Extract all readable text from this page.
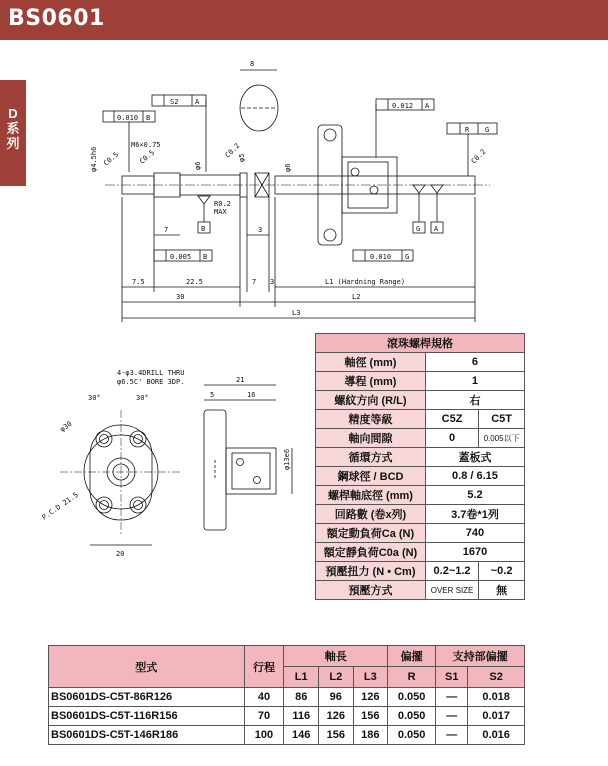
BS0601
D
系
列
8
S2 A
0.010 B
0.012 A
R G
0.005 B	0.010 G
B	A
G
M6×0.75
φ4.5h6	φ6
φ5
φ6
C0.5	C0.5	C0.2	C0.2
R0.2
MAX
7	3
7.5	22.5	7 3	L1 (Hardning Range)
30	L2
L3
4-φ3.4DRILL THRU
φ6.5C' BORE 3DP.
30°	30°
φ30
P.C.D 21.5
20
21
5	16
φ13e6
滾珠螺桿規格		
軸徑 (mm)	6	
導程 (mm)	1	
螺紋方向 (R/L)	右	
精度等級	C5Z	C5T
軸向間隙	0	0.005以下
循環方式	蓋板式	
鋼球徑 / BCD	0.8 / 6.15	
螺桿軸底徑 (mm)	5.2	
回路數 (卷x列)	3.7卷*1列	
額定動負荷Ca (N)	740	
額定靜負荷C0a (N)	1670	
預壓扭力 (N • Cm)	0.2~1.2	~0.2
預壓方式	OVER SIZE	無
型式	行程	軸長			偏擺	支持部偏擺	
		L1	L2	L3	R	S1	S2
BS0601DS-C5T-86R126	40	86	96	126	0.050	—	0.018
BS0601DS-C5T-116R156	70	116	126	156	0.050	—	0.017
BS0601DS-C5T-146R186	100	146	156	186	0.050	—	0.016
